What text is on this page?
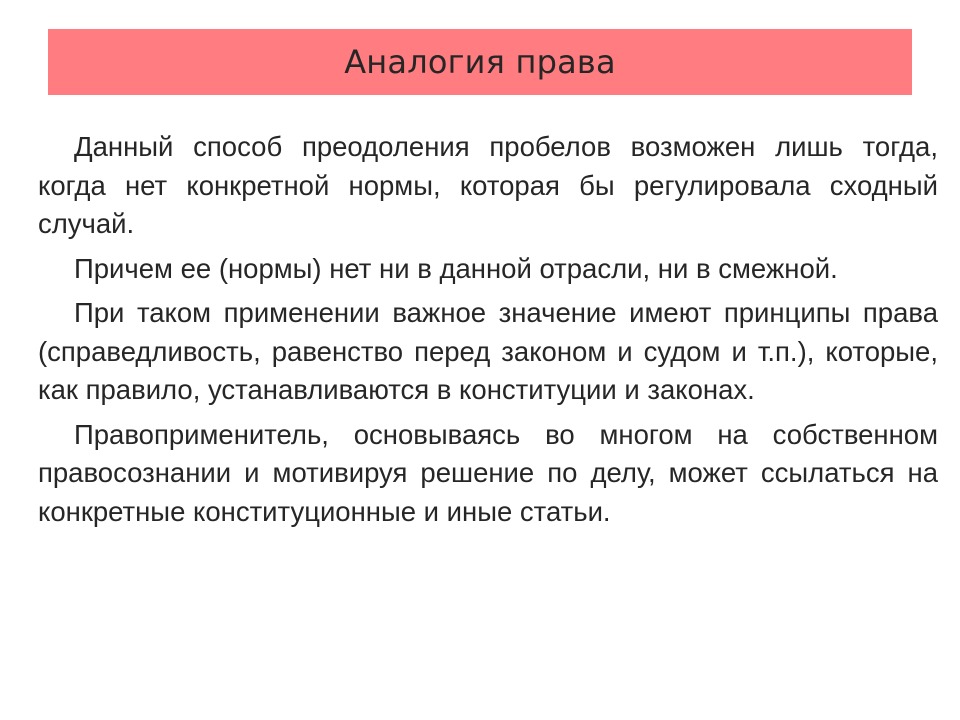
Аналогия права

Данный способ преодоления пробелов возможен лишь тогда, когда нет конкретной нормы, которая бы регулировала сходный случай.

Причем ее (нормы) нет ни в данной отрасли, ни в смежной.

При таком применении важное значение имеют принципы права (справедливость, равенство перед законом и судом и т.п.), которые, как правило, устанавливаются в конституции и законах.

Правоприменитель, основываясь во многом на собственном правосознании и мотивируя решение по делу, может ссылаться на конкретные конституционные и иные статьи.
